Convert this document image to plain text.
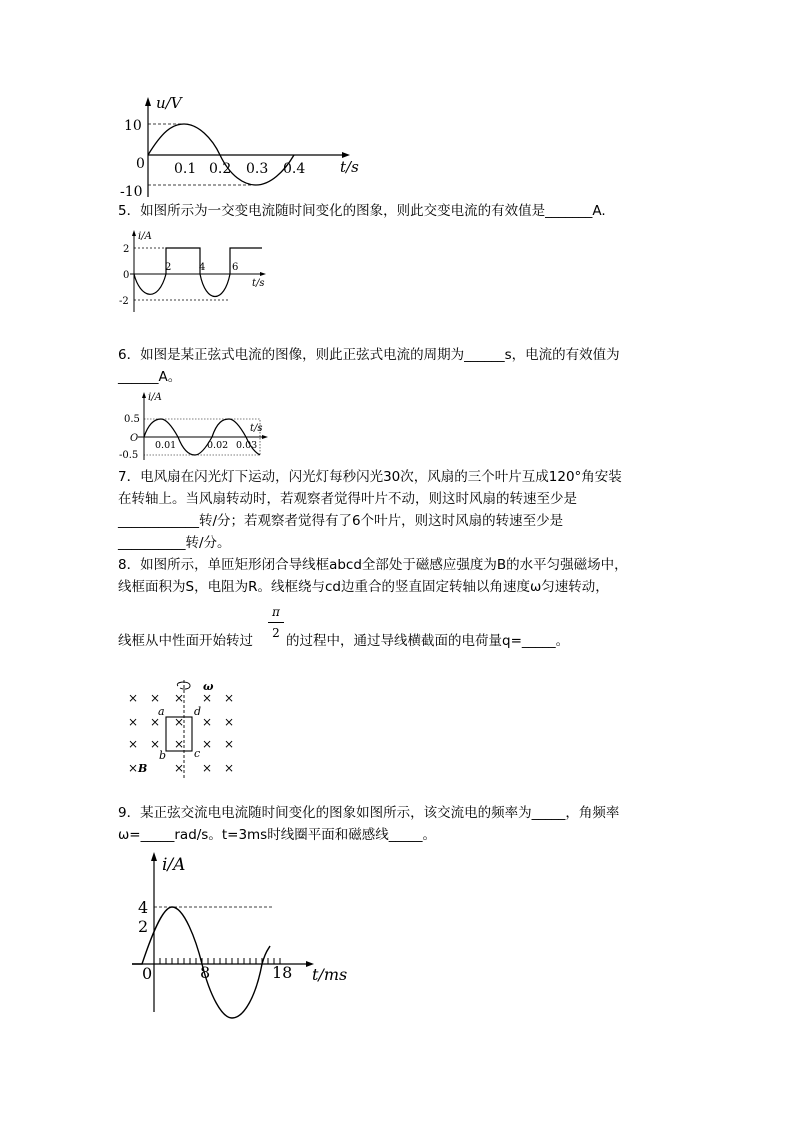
u/V
10
-10
0 0.1 0.2 0.3 0.4 t/s
5．如图所示为一交变电流随时间变化的图象，则此交变电流的有效值是_______A.
i/A
2
0
-2
2	4	6
t/s
6．如图是某正弦式电流的图像，则此正弦式电流的周期为______s，电流的有效值为
______A。
i/A
0.5
O
-0.5
t/s
0.01	0.02 0.03
7．电风扇在闪光灯下运动，闪光灯每秒闪光30次，风扇的三个叶片互成120°角安装
在转轴上。当风扇转动时，若观察者觉得叶片不动，则这时风扇的转速至少是
____________转/分；若观察者觉得有了6个叶片，则这时风扇的转速至少是
__________转/分。
8．如图所示，单匝矩形闭合导线框abcd全部处于磁感应强度为B的水平匀强磁场中，
线框面积为S，电阻为R。线框绕与cd边重合的竖直固定转轴以角速度ω匀速转动，
线框从中性面开始转过
π
2 的过程中，通过导线横截面的电荷量q=_____。
ω
a	d
b	c
× × × × ×
× × × × ×
× × × × ×
× B × × ×
9．某正弦交流电电流随时间变化的图象如图所示，该交流电的频率为_____，角频率
ω=_____rad/s。t=3ms时线圈平面和磁感线_____。
i/A
4
2
0	8	18 t/ms
